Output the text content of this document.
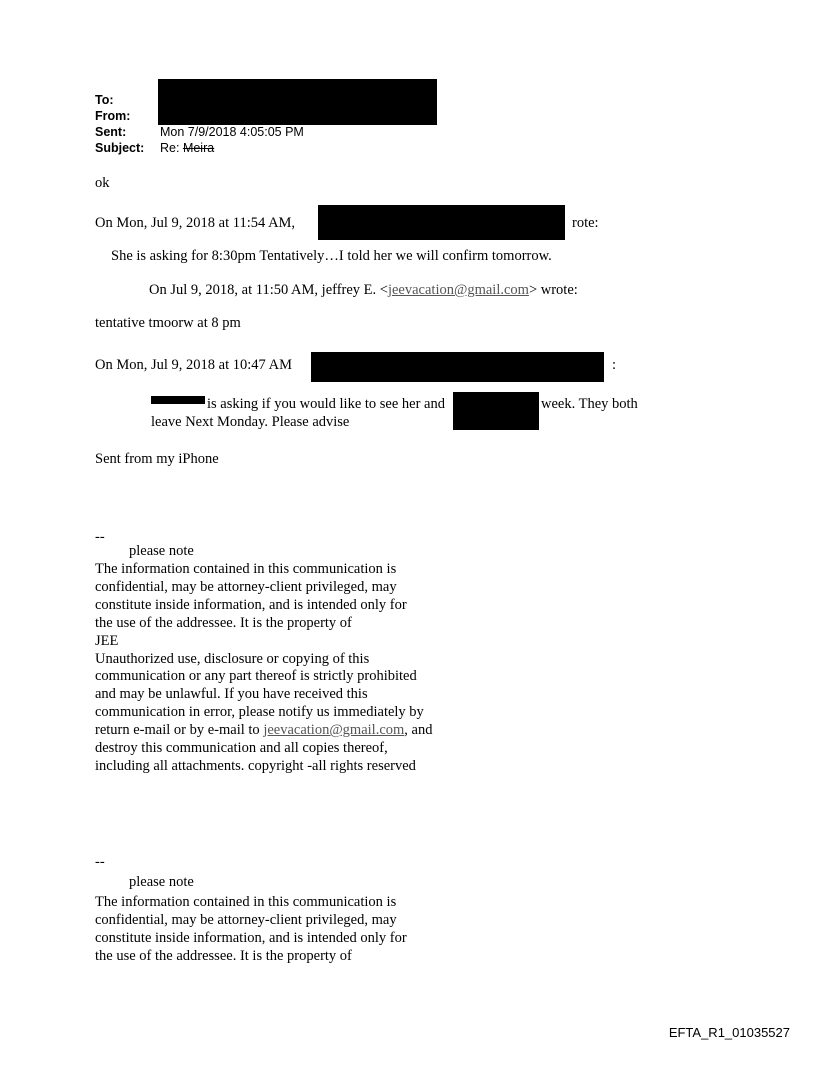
To:
From:
Sent:	Mon 7/9/2018 4:05:05 PM
Subject: Re: Meira
ok
On Mon, Jul 9, 2018 at 11:54 AM,	rote:
She is asking for 8:30pm Tentatively…I told her we will confirm tomorrow.
On Jul 9, 2018, at 11:50 AM, jeffrey E. <jeevacation@gmail.com> wrote:
tentative tmoorw at 8 pm
On Mon, Jul 9, 2018 at 10:47 AM	:
is asking if you would like to see her and	week. They both
leave Next Monday. Please advise
Sent from my iPhone
--
please note
The information contained in this communication is
confidential, may be attorney-client privileged, may
constitute inside information, and is intended only for
the use of the addressee. It is the property of
JEE
Unauthorized use, disclosure or copying of this
communication or any part thereof is strictly prohibited
and may be unlawful. If you have received this
communication in error, please notify us immediately by
return e-mail or by e-mail to jeevacation@gmail.com, and
destroy this communication and all copies thereof,
including all attachments. copyright -all rights reserved
--
please note
The information contained in this communication is
confidential, may be attorney-client privileged, may
constitute inside information, and is intended only for
the use of the addressee. It is the property of
EFTA_R1_01035527
